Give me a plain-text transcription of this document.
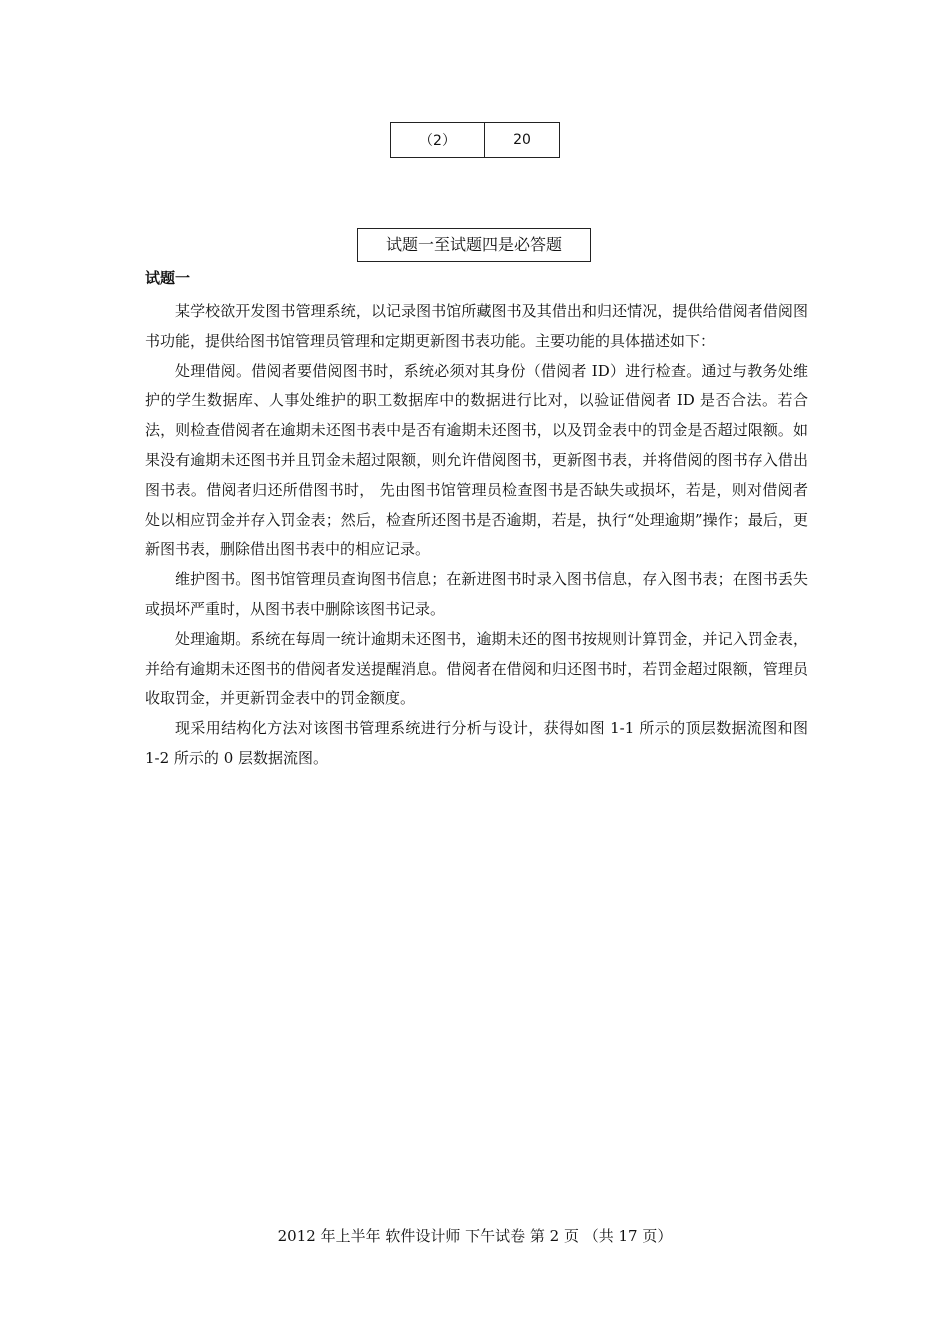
（2）	20
试题一至试题四是必答题
试题一

某学校欲开发图书管理系统，以记录图书馆所藏图书及其借出和归还情况，提供给借阅者借阅图书功能，提供给图书馆管理员管理和定期更新图书表功能。主要功能的具体描述如下：

处理借阅。借阅者要借阅图书时，系统必须对其身份（借阅者 ID）进行检查。通过与教务处维护的学生数据库、人事处维护的职工数据库中的数据进行比对，以验证借阅者 ID 是否合法。若合法，则检查借阅者在逾期未还图书表中是否有逾期未还图书，以及罚金表中的罚金是否超过限额。如果没有逾期未还图书并且罚金未超过限额，则允许借阅图书，更新图书表，并将借阅的图书存入借出图书表。借阅者归还所借图书时， 先由图书馆管理员检查图书是否缺失或损坏，若是，则对借阅者处以相应罚金并存入罚金表；然后，检查所还图书是否逾期，若是，执行“处理逾期”操作；最后，更新图书表，删除借出图书表中的相应记录。

维护图书。图书馆管理员查询图书信息；在新进图书时录入图书信息，存入图书表；在图书丢失或损坏严重时，从图书表中删除该图书记录。

处理逾期。系统在每周一统计逾期未还图书，逾期未还的图书按规则计算罚金，并记入罚金表，并给有逾期未还图书的借阅者发送提醒消息。借阅者在借阅和归还图书时，若罚金超过限额，管理员收取罚金，并更新罚金表中的罚金额度。

现采用结构化方法对该图书管理系统进行分析与设计，获得如图 1-1 所示的顶层数据流图和图 1-2 所示的 0 层数据流图。

2012 年上半年 软件设计师 下午试卷 第 2 页 （共 17 页）
